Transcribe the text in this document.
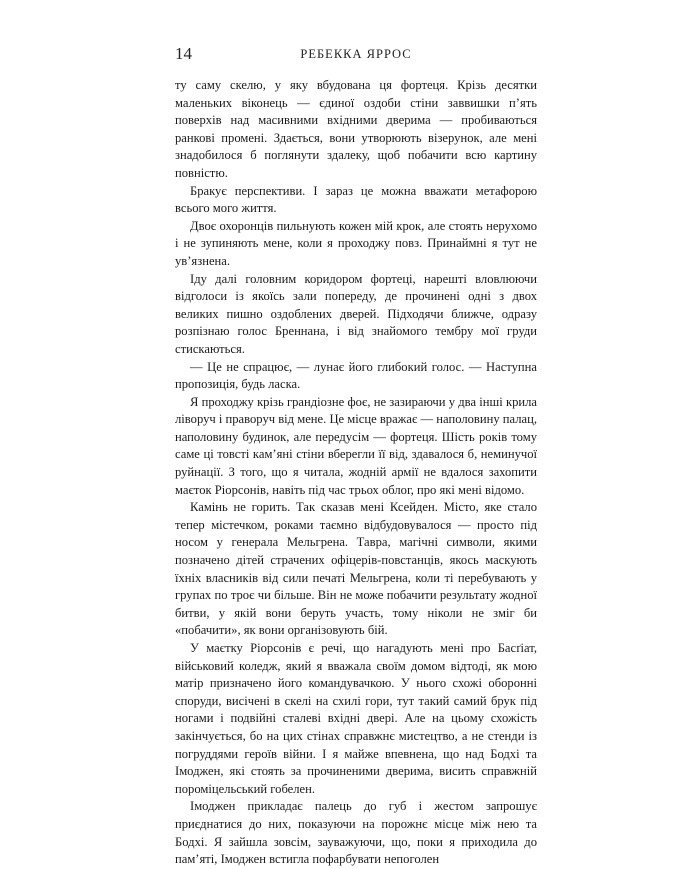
14	РЕБЕККА ЯРРОС

ту саму скелю, у яку вбудована ця фортеця. Крізь десятки маленьких віконець — єдиної оздоби стіни заввишки п’ять поверхів над масивними вхідними дверима — пробиваються ранкові промені. Здається, вони утворюють візерунок, але мені знадобилося б поглянути здалеку, щоб побачити всю картину повністю.

Бракує перспективи. І зараз це можна вважати метафорою всього мого життя.

Двоє охоронців пильнують кожен мій крок, але стоять нерухомо і не зупиняють мене, коли я проходжу повз. Принаймні я тут не ув’язнена.

Іду далі головним коридором фортеці, нарешті вловлюючи відголоси із якоїсь зали попереду, де прочинені одні з двох великих пишно оздоблених дверей. Підходячи ближче, одразу розпізнаю голос Бреннана, і від знайомого тембру мої груди стискаються.

— Це не спрацює, — лунає його глибокий голос. — Наступна пропозиція, будь ласка.

Я проходжу крізь грандіозне фоє, не зазираючи у два інші крила ліворуч і праворуч від мене. Це місце вражає — наполовину палац, наполовину будинок, але передусім — фортеця. Шість років тому саме ці товсті кам’яні стіни вберегли її від, здавалося б, неминучої руйнації. З того, що я читала, жодній армії не вдалося захопити маєток Ріорсонів, навіть під час трьох облог, про які мені відомо.

Камінь не горить. Так сказав мені Ксейден. Місто, яке стало тепер містечком, роками таємно відбудовувалося — просто під носом у генерала Мельгрена. Тавра, магічні символи, якими позначено дітей страчених офіцерів-повстанців, якось маскують їхніх власників від сили печаті Мельгрена, коли ті перебувають у групах по троє чи більше. Він не може побачити результату жодної битви, у якій вони беруть участь, тому ніколи не зміг би «побачити», як вони організовують бій.

У маєтку Ріорсонів є речі, що нагадують мені про Басґіат, військовий коледж, який я вважала своїм домом відтоді, як мою матір призначено його командувачкою. У нього схожі оборонні споруди, висічені в скелі на схилі гори, тут такий самий брук під ногами і подвійні сталеві вхідні двері. Але на цьому схожість закінчується, бо на цих стінах справжнє мистецтво, а не стенди із погруддями героїв війни. І я майже впевнена, що над Бодхі та Імоджен, які стоять за прочиненими дверима, висить справжній пороміцельський гобелен.

Імоджен прикладає палець до губ і жестом запрошує приєднатися до них, показуючи на порожнє місце між нею та Бодхі. Я зайшла зовсім, зауважуючи, що, поки я приходила до пам’яті, Імоджен встигла пофарбувати непоголен
